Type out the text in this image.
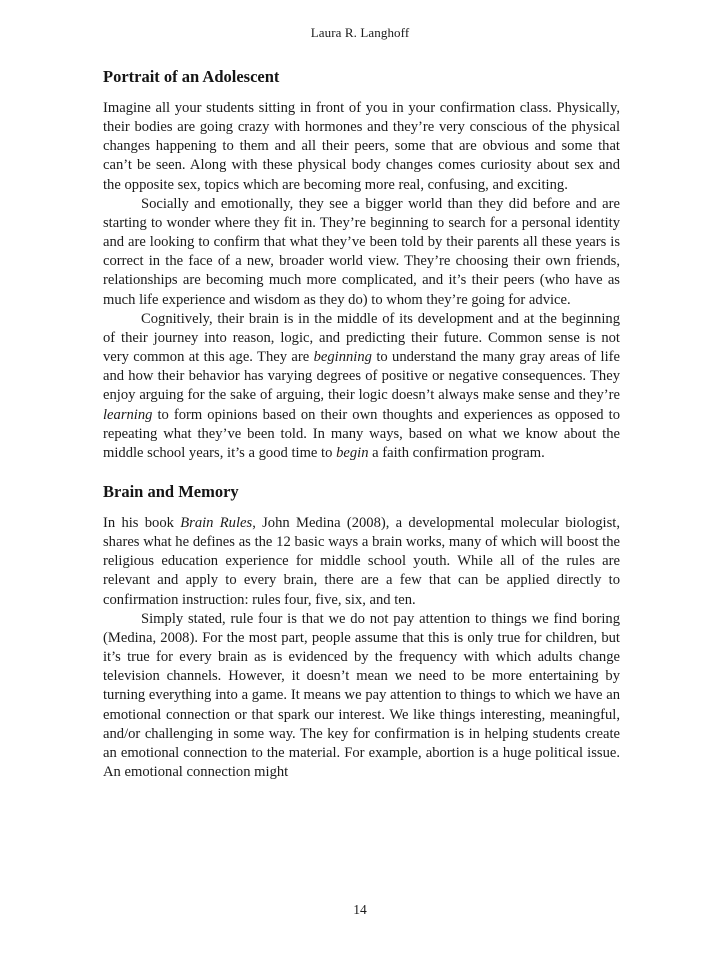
Laura R. Langhoff
Portrait of an Adolescent

Imagine all your students sitting in front of you in your confirmation class. Physically, their bodies are going crazy with hormones and they’re very conscious of the physical changes happening to them and all their peers, some that are obvious and some that can’t be seen. Along with these physical body changes comes curiosity about sex and the opposite sex, topics which are becoming more real, confusing, and exciting.

Socially and emotionally, they see a bigger world than they did before and are starting to wonder where they fit in. They’re beginning to search for a personal identity and are looking to confirm that what they’ve been told by their parents all these years is correct in the face of a new, broader world view. They’re choosing their own friends, relationships are becoming much more complicated, and it’s their peers (who have as much life experience and wisdom as they do) to whom they’re going for advice.

Cognitively, their brain is in the middle of its development and at the beginning of their journey into reason, logic, and predicting their future. Common sense is not very common at this age. They are beginning to understand the many gray areas of life and how their behavior has varying degrees of positive or negative consequences. They enjoy arguing for the sake of arguing, their logic doesn’t always make sense and they’re learning to form opinions based on their own thoughts and experiences as opposed to repeating what they’ve been told. In many ways, based on what we know about the middle school years, it’s a good time to begin a faith confirmation program.

Brain and Memory

In his book Brain Rules, John Medina (2008), a developmental molecular biologist, shares what he defines as the 12 basic ways a brain works, many of which will boost the religious education experience for middle school youth. While all of the rules are relevant and apply to every brain, there are a few that can be applied directly to confirmation instruction: rules four, five, six, and ten.

Simply stated, rule four is that we do not pay attention to things we find boring (Medina, 2008). For the most part, people assume that this is only true for children, but it’s true for every brain as is evidenced by the frequency with which adults change television channels. However, it doesn’t mean we need to be more entertaining by turning everything into a game. It means we pay attention to things to which we have an emotional connection or that spark our interest. We like things interesting, meaningful, and/or challenging in some way. The key for confirmation is in helping students create an emotional connection to the material. For example, abortion is a huge political issue. An emotional connection might

14
